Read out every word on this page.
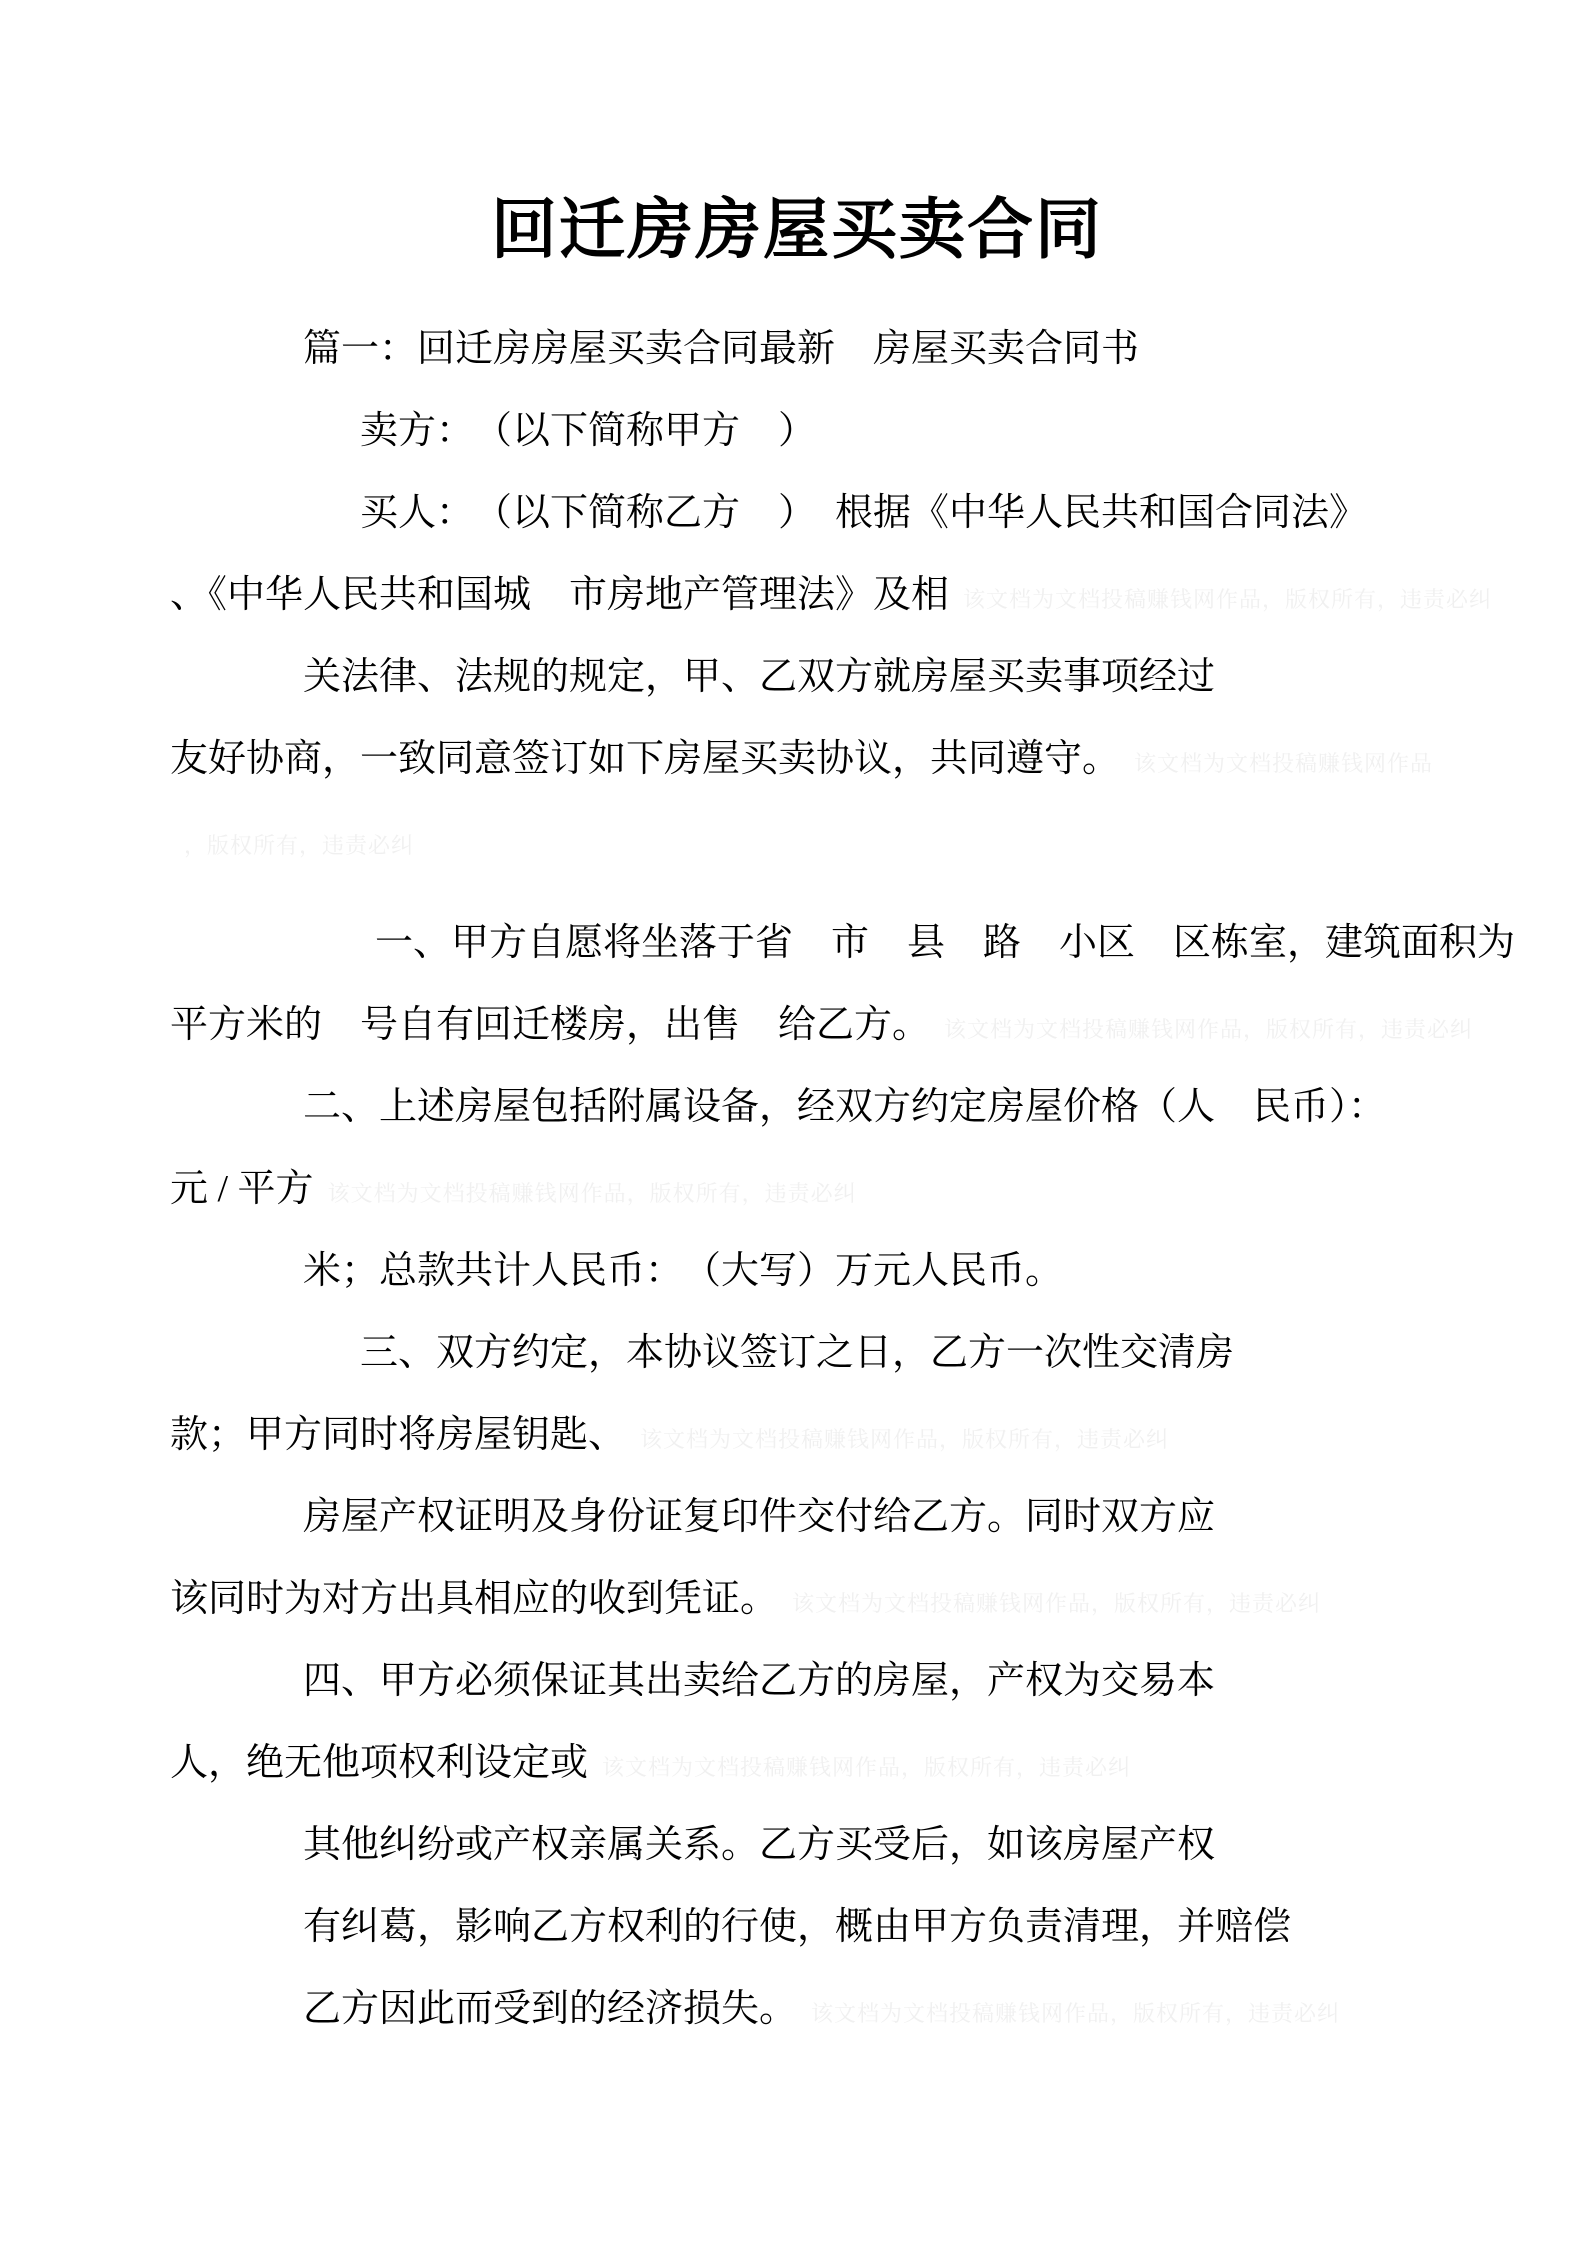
回迁房房屋买卖合同

篇一：回迁房房屋买卖合同最新　房屋买卖合同书

卖方：　（以下简称甲方　）

买人：　（以下简称乙方　）　根据《中华人民共和国合同法》

、《中华人民共和国城　市房地产管理法》及相 该文档为文档投稿赚钱网作品，版权所有，违责必纠

关法律、法规的规定，甲、乙双方就房屋买卖事项经过

友好协商，一致同意签订如下房屋买卖协议，共同遵守。 该文档为文档投稿赚钱网作品

，版权所有，违责必纠

一、甲方自愿将坐落于省　市　县　路　小区　区栋室，建筑面积为

平方米的　号自有回迁楼房，出售　给乙方。 该文档为文档投稿赚钱网作品，版权所有，违责必纠

二、上述房屋包括附属设备，经双方约定房屋价格（人　民币）：

元 / 平方 该文档为文档投稿赚钱网作品，版权所有，违责必纠

米；总款共计人民币：　（大写）万元人民币。

三、双方约定，本协议签订之日，乙方一次性交清房

款；甲方同时将房屋钥匙、 该文档为文档投稿赚钱网作品，版权所有，违责必纠

房屋产权证明及身份证复印件交付给乙方。同时双方应

该同时为对方出具相应的收到凭证。 该文档为文档投稿赚钱网作品，版权所有，违责必纠

四、甲方必须保证其出卖给乙方的房屋，产权为交易本

人，绝无他项权利设定或 该文档为文档投稿赚钱网作品，版权所有，违责必纠

其他纠纷或产权亲属关系。乙方买受后，如该房屋产权

有纠葛，影响乙方权利的行使，概由甲方负责清理，并赔偿

乙方因此而受到的经济损失。 该文档为文档投稿赚钱网作品，版权所有，违责必纠
